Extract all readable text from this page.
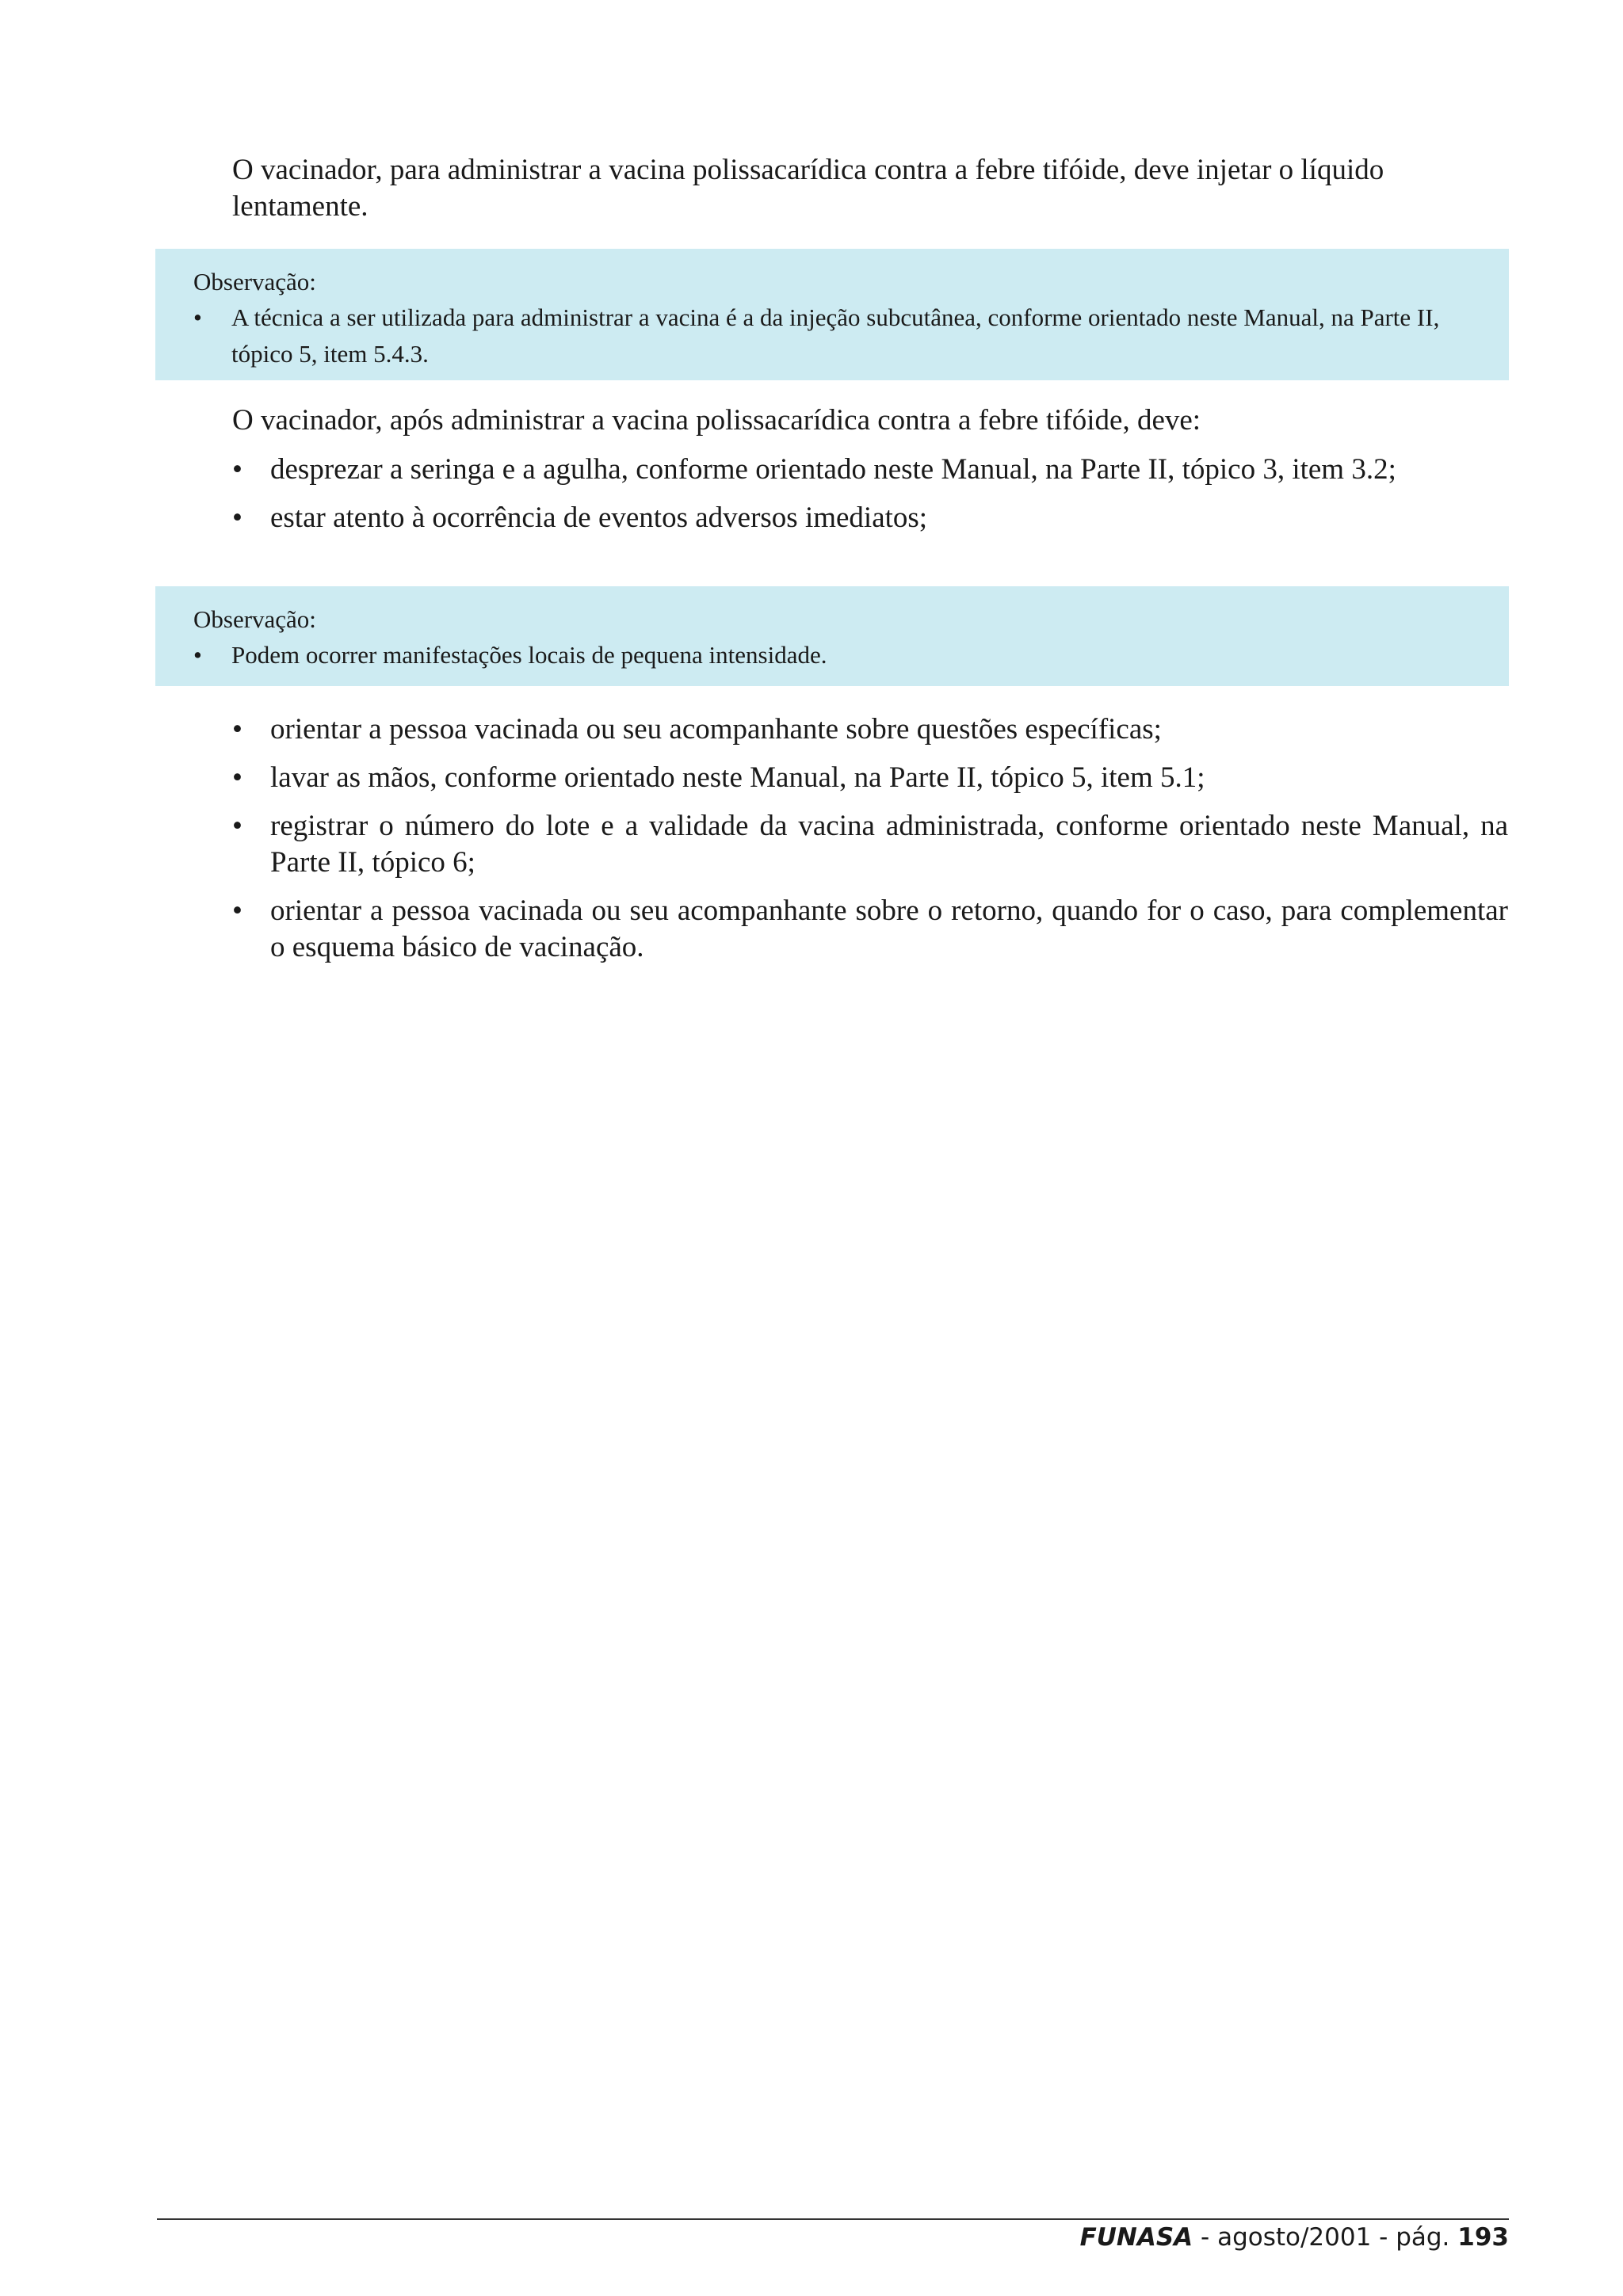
O vacinador, para administrar a vacina polissacarídica contra a febre tifóide, deve injetar o líquido lentamente.

Observação:

• A técnica a ser utilizada para administrar a vacina é a da injeção subcutânea, conforme orientado neste Manual, na Parte II, tópico 5, item 5.4.3.

O vacinador, após administrar a vacina polissacarídica contra a febre tifóide, deve:

• desprezar a seringa e a agulha, conforme orientado neste Manual, na Parte II, tópico 3, item 3.2;
• estar atento à ocorrência de eventos adversos imediatos;

Observação:

• Podem ocorrer manifestações locais de pequena intensidade.
• orientar a pessoa vacinada ou seu acompanhante sobre questões específicas;
• lavar as mãos, conforme orientado neste Manual, na Parte II, tópico 5, item 5.1;
• registrar o número do lote e a validade da vacina administrada, conforme orientado neste Manual, na Parte II, tópico 6;
• orientar a pessoa vacinada ou seu acompanhante sobre o retorno, quando for o caso, para complementar o esquema básico de vacinação.
FUNASA - agosto/2001 - pág. 193
